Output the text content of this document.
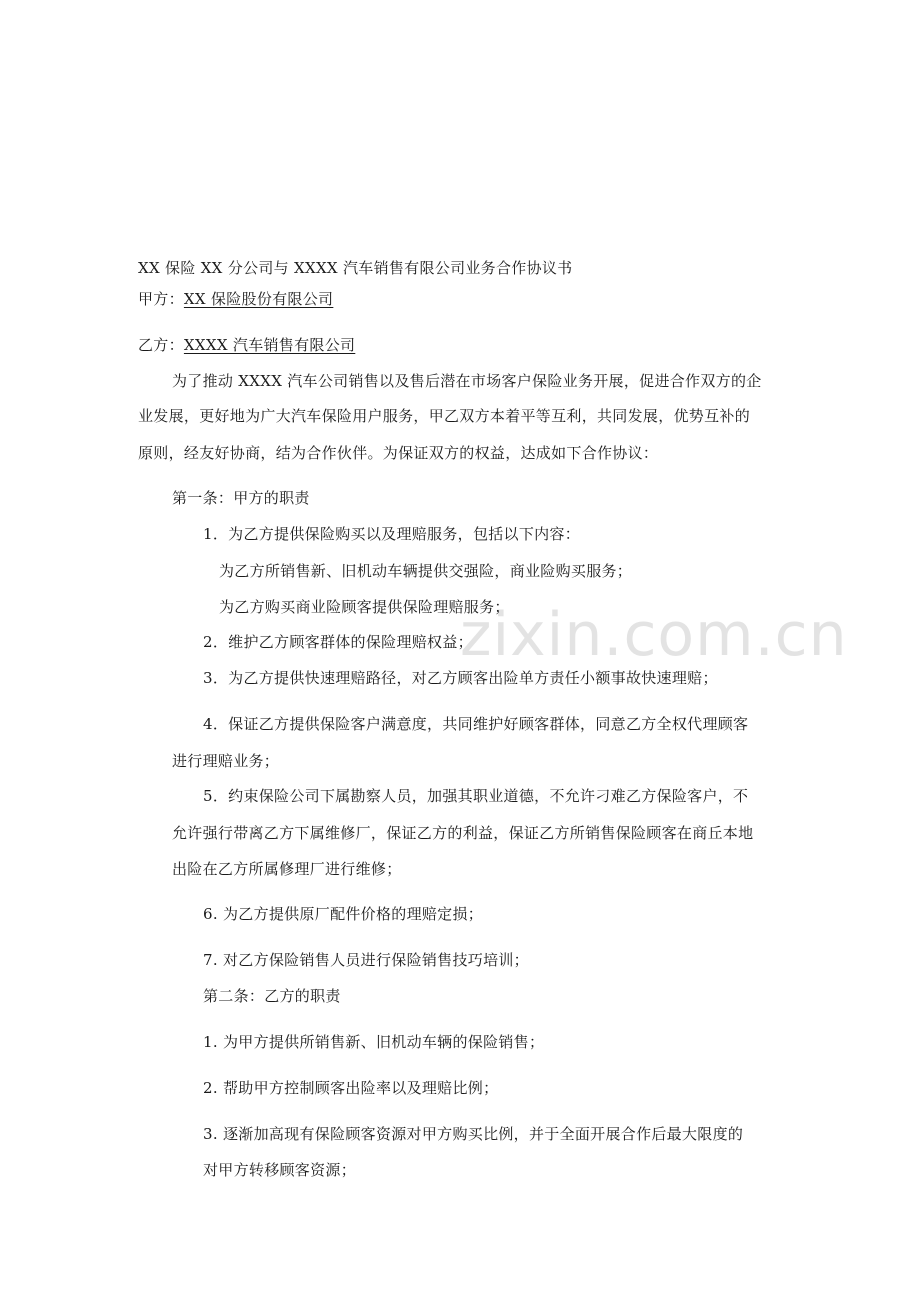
zixin.com.cn
XX 保险 XX 分公司与 XXXX 汽车销售有限公司业务合作协议书
甲方：XX 保险股份有限公司
乙方：XXXX 汽车销售有限公司
为了推动 XXXX 汽车公司销售以及售后潜在市场客户保险业务开展，促进合作双方的企
业发展，更好地为广大汽车保险用户服务，甲乙双方本着平等互利，共同发展，优势互补的
原则，经友好协商，结为合作伙伴。为保证双方的权益，达成如下合作协议：
第一条：甲方的职责
1．为乙方提供保险购买以及理赔服务，包括以下内容：
为乙方所销售新、旧机动车辆提供交强险，商业险购买服务；
为乙方购买商业险顾客提供保险理赔服务；
2．维护乙方顾客群体的保险理赔权益；
3．为乙方提供快速理赔路径，对乙方顾客出险单方责任小额事故快速理赔；
4．保证乙方提供保险客户满意度，共同维护好顾客群体，同意乙方全权代理顾客
进行理赔业务；
5．约束保险公司下属勘察人员，加强其职业道德，不允许刁难乙方保险客户，不
允许强行带离乙方下属维修厂，保证乙方的利益，保证乙方所销售保险顾客在商丘本地
出险在乙方所属修理厂进行维修；
6. 为乙方提供原厂配件价格的理赔定损；
7. 对乙方保险销售人员进行保险销售技巧培训；
第二条：乙方的职责
1. 为甲方提供所销售新、旧机动车辆的保险销售；
2. 帮助甲方控制顾客出险率以及理赔比例；
3. 逐渐加高现有保险顾客资源对甲方购买比例，并于全面开展合作后最大限度的
对甲方转移顾客资源；
